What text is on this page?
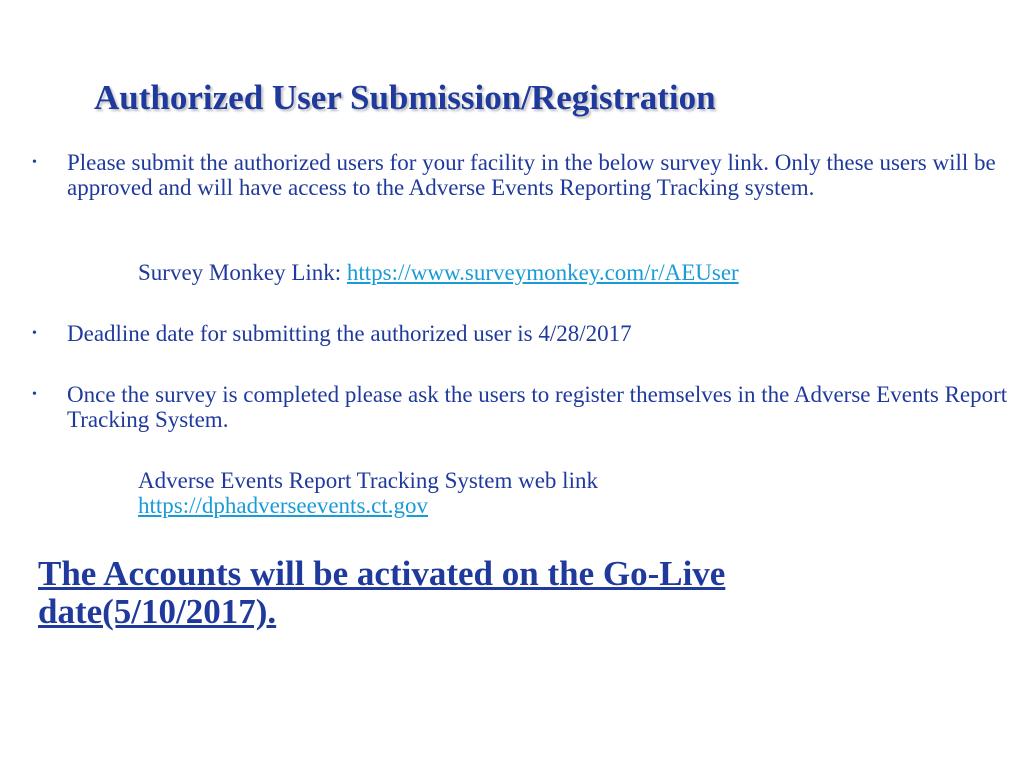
Authorized User Submission/Registration
• Please submit the authorized users for your facility in the below survey link. Only these users will be approved and will have access to the Adverse Events Reporting Tracking system.
Survey Monkey Link: https://www.surveymonkey.com/r/AEUser
• Deadline date for submitting the authorized user is 4/28/2017
• Once the survey is completed please ask the users to register themselves in the Adverse Events Report Tracking System.
Adverse Events Report Tracking System web link
https://dphadverseevents.ct.gov
The Accounts will be activated on the Go-Live date(5/10/2017).
